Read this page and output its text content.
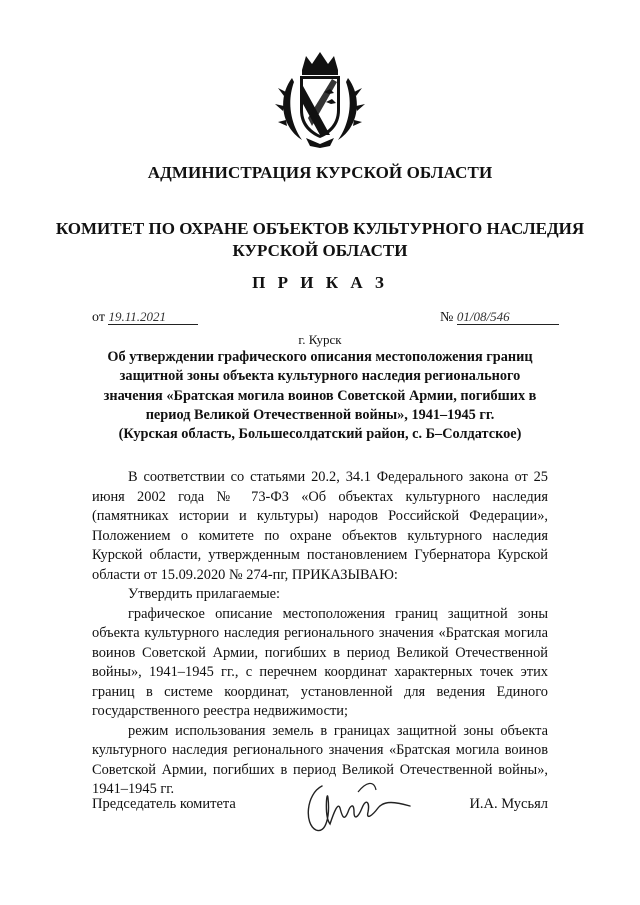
АДМИНИСТРАЦИЯ КУРСКОЙ ОБЛАСТИ
КОМИТЕТ ПО ОХРАНЕ ОБЪЕКТОВ КУЛЬТУРНОГО НАСЛЕДИЯ
КУРСКОЙ ОБЛАСТИ
П Р И К А З
от 19.11.2021	№ 01/08/546
г. Курск
Об утверждении графического описания местоположения границ
защитной зоны объекта культурного наследия регионального
значения «Братская могила воинов Советской Армии, погибших в
период Великой Отечественной войны», 1941–1945 гг.
(Курская область, Большесолдатский район, с. Б–Солдатское)

В соответствии со статьями 20.2, 34.1 Федерального закона от 25 июня 2002 года № 73-ФЗ «Об объектах культурного наследия (памятниках истории и культуры) народов Российской Федерации», Положением о комитете по охране объектов культурного наследия Курской области, утвержденным постановлением Губернатора Курской области от 15.09.2020 № 274-пг, ПРИКАЗЫВАЮ:

Утвердить прилагаемые:

графическое описание местоположения границ защитной зоны объекта культурного наследия регионального значения «Братская могила воинов Советской Армии, погибших в период Великой Отечественной войны», 1941–1945 гг., с перечнем координат характерных точек этих границ в системе координат, установленной для ведения Единого государственного реестра недвижимости;

режим использования земель в границах защитной зоны объекта культурного наследия регионального значения «Братская могила воинов Советской Армии, погибших в период Великой Отечественной войны», 1941–1945 гг.

Председатель комитета	И.А. Мусьял
